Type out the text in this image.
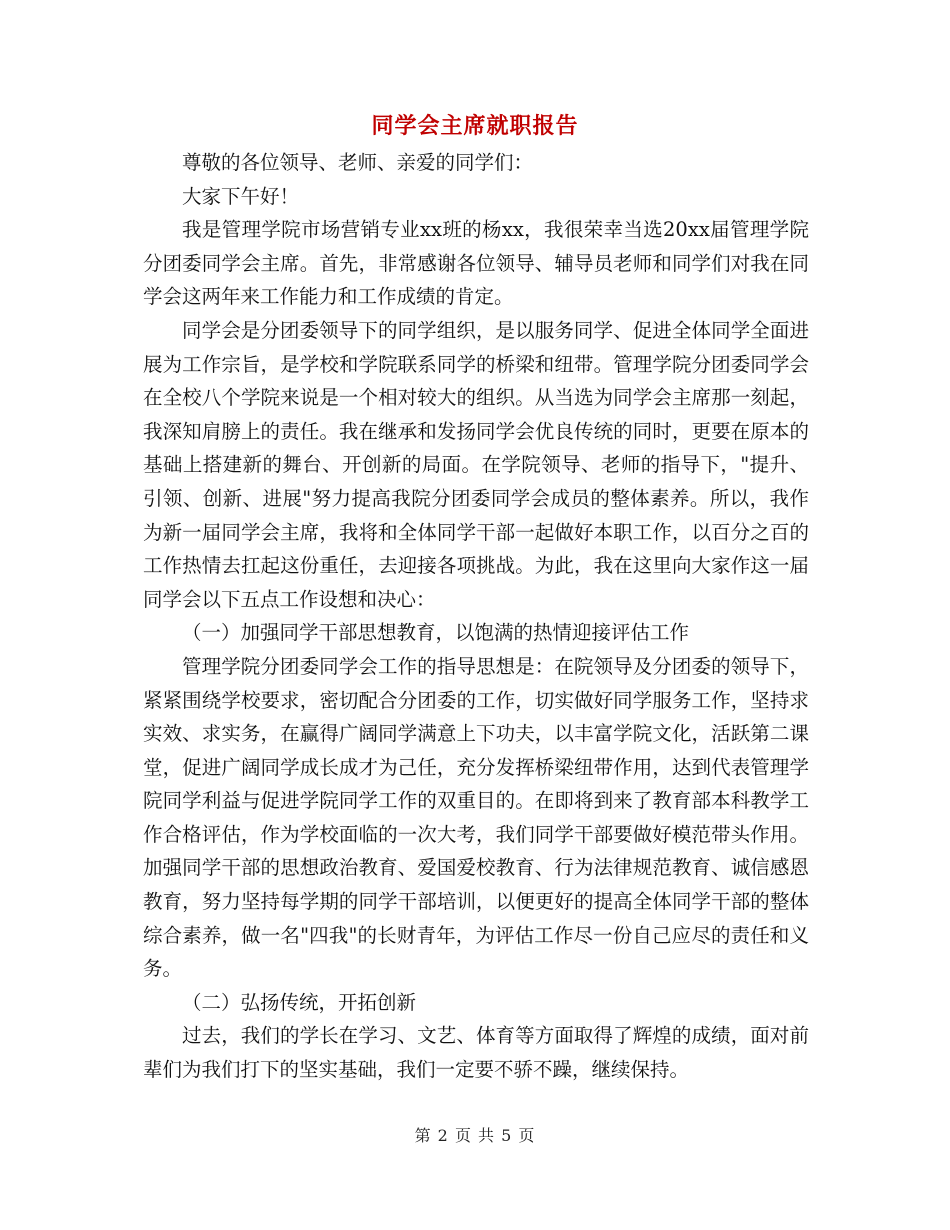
同学会主席就职报告

尊敬的各位领导、老师、亲爱的同学们：

大家下午好！

我是管理学院市场营销专业xx班的杨xx，我很荣幸当选20xx届管理学院分团委同学会主席。首先，非常感谢各位领导、辅导员老师和同学们对我在同学会这两年来工作能力和工作成绩的肯定。

同学会是分团委领导下的同学组织，是以服务同学、促进全体同学全面进展为工作宗旨，是学校和学院联系同学的桥梁和纽带。管理学院分团委同学会在全校八个学院来说是一个相对较大的组织。从当选为同学会主席那一刻起，我深知肩膀上的责任。我在继承和发扬同学会优良传统的同时，更要在原本的基础上搭建新的舞台、开创新的局面。在学院领导、老师的指导下，"提升、引领、创新、进展"努力提高我院分团委同学会成员的整体素养。所以，我作为新一届同学会主席，我将和全体同学干部一起做好本职工作，以百分之百的工作热情去扛起这份重任，去迎接各项挑战。为此，我在这里向大家作这一届同学会以下五点工作设想和决心：

（一）加强同学干部思想教育，以饱满的热情迎接评估工作

管理学院分团委同学会工作的指导思想是：在院领导及分团委的领导下，紧紧围绕学校要求，密切配合分团委的工作，切实做好同学服务工作，坚持求实效、求实务，在赢得广阔同学满意上下功夫，以丰富学院文化，活跃第二课堂，促进广阔同学成长成才为己任，充分发挥桥梁纽带作用，达到代表管理学院同学利益与促进学院同学工作的双重目的。在即将到来了教育部本科教学工作合格评估，作为学校面临的一次大考，我们同学干部要做好模范带头作用。加强同学干部的思想政治教育、爱国爱校教育、行为法律规范教育、诚信感恩教育，努力坚持每学期的同学干部培训，以便更好的提高全体同学干部的整体综合素养，做一名"四我"的长财青年，为评估工作尽一份自己应尽的责任和义务。

（二）弘扬传统，开拓创新

过去，我们的学长在学习、文艺、体育等方面取得了辉煌的成绩，面对前辈们为我们打下的坚实基础，我们一定要不骄不躁，继续保持。

第 2 页 共 5 页
